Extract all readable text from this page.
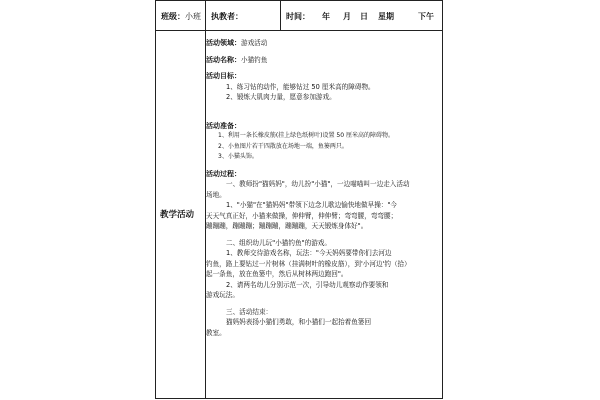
班级：小班 执教者：	时间： 年 月 日 星期	下午
教学活动
活动领域：游戏活动
活动名称：小猫钓鱼
活动目标：
1、练习钻的动作，能够钻过 50 厘米高的障碍物。
2、锻炼大肌肉力量，愿意参加游戏。
活动准备：
1、利用一条长橡皮筋(挂上绿色纸树叶)设置 50 厘米高的障碍物。
2、小鱼图片若干四散放在场地一端，鱼篓两只。
3、小猫头饰。
活动过程：
一、教师扮"猫妈妈"，幼儿扮"小猫"，一边喵喵叫一边走入活动
场地。
1、"小猫"在"猫妈妈"带领下边念儿歌边愉快地做早操："今
天天气真正好，小猫来做操，伸伸臂，伸伸臂；弯弯腰，弯弯腰；
蹦蹦蹦，蹦蹦蹦；蹦蹦蹦，蹦蹦蹦，天天锻炼身体好"。
二、组织幼儿玩"小猫钓鱼"的游戏。
1、教师交待游戏名称，玩法："今天妈妈要带你们去河边
钓鱼，路上要钻过一片树林（挂满树叶的橡皮筋），到'小河边'钓（拾）
起一条鱼，放在鱼篓中，然后从树林两边跑回"。
2、请两名幼儿分别示范一次，引导幼儿观察动作要领和
游戏玩法。
三、活动结束：
猫妈妈表扬小猫们勇敢，和小猫们一起抬着鱼篓回
教室。
